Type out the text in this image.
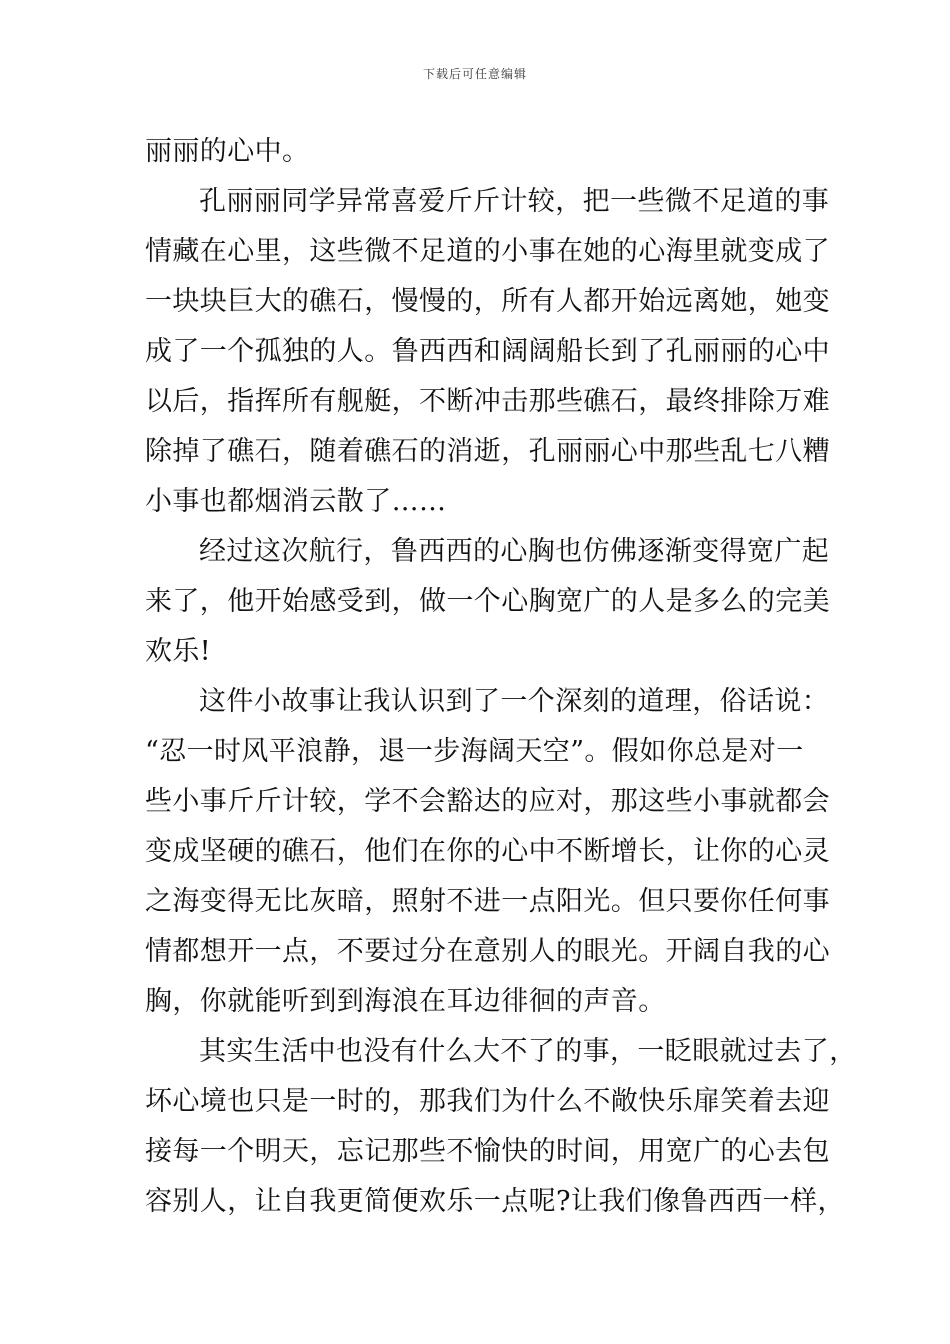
下载后可任意编辑
丽丽的心中。
孔丽丽同学异常喜爱斤斤计较，把一些微不足道的事
情藏在心里，这些微不足道的小事在她的心海里就变成了
一块块巨大的礁石，慢慢的，所有人都开始远离她，她变
成了一个孤独的人。鲁西西和阔阔船长到了孔丽丽的心中
以后，指挥所有舰艇，不断冲击那些礁石，最终排除万难
除掉了礁石，随着礁石的消逝，孔丽丽心中那些乱七八糟
小事也都烟消云散了……
经过这次航行，鲁西西的心胸也仿佛逐渐变得宽广起
来了，他开始感受到，做一个心胸宽广的人是多么的完美
欢乐!
这件小故事让我认识到了一个深刻的道理，俗话说：
“忍一时风平浪静，退一步海阔天空”。假如你总是对一
些小事斤斤计较，学不会豁达的应对，那这些小事就都会
变成坚硬的礁石，他们在你的心中不断增长，让你的心灵
之海变得无比灰暗，照射不进一点阳光。但只要你任何事
情都想开一点，不要过分在意别人的眼光。开阔自我的心
胸，你就能听到到海浪在耳边徘徊的声音。
其实生活中也没有什么大不了的事，一眨眼就过去了，
坏心境也只是一时的，那我们为什么不敞快乐扉笑着去迎
接每一个明天，忘记那些不愉快的时间，用宽广的心去包
容别人，让自我更简便欢乐一点呢?让我们像鲁西西一样，
